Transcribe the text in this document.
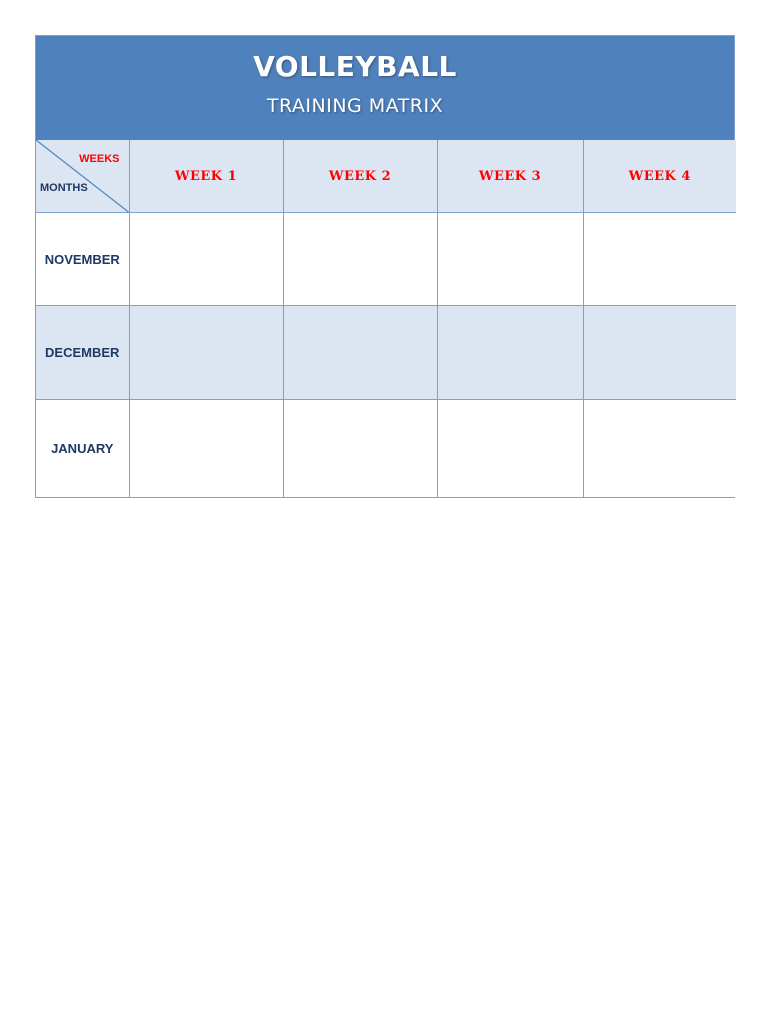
VOLLEYBALL
TRAINING MATRIX
WEEKS
MONTHS	WEEK 1	WEEK 2	WEEK 3	WEEK 4
NOVEMBER				
DECEMBER				
JANUARY				
